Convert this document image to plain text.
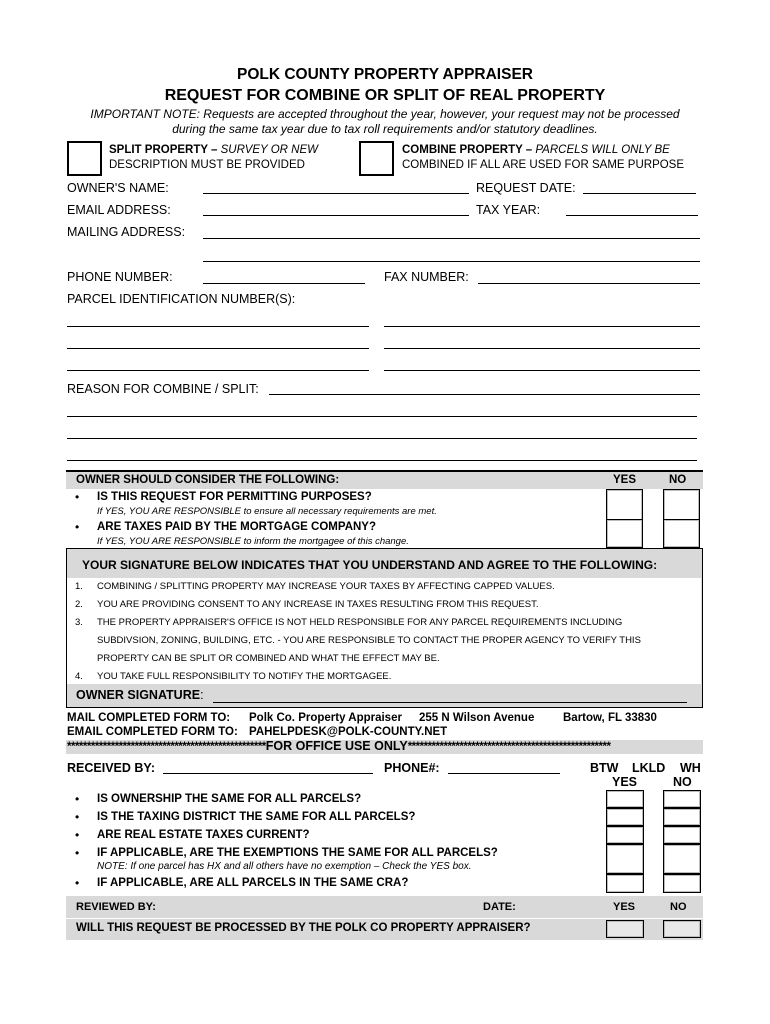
POLK COUNTY PROPERTY APPRAISER
REQUEST FOR COMBINE OR SPLIT OF REAL PROPERTY
IMPORTANT NOTE: Requests are accepted throughout the year, however, your request may not be processed
during the same tax year due to tax roll requirements and/or statutory deadlines.
SPLIT PROPERTY – SURVEY OR NEW
DESCRIPTION MUST BE PROVIDED
COMBINE PROPERTY – PARCELS WILL ONLY BE
COMBINED IF ALL ARE USED FOR SAME PURPOSE
OWNER'S NAME:	REQUEST DATE:
EMAIL ADDRESS:	TAX YEAR:
MAILING ADDRESS:
PHONE NUMBER:	FAX NUMBER:
PARCEL IDENTIFICATION NUMBER(S):
REASON FOR COMBINE / SPLIT:
OWNER SHOULD CONSIDER THE FOLLOWING:	YES	NO
• IS THIS REQUEST FOR PERMITTING PURPOSES?
If YES, YOU ARE RESPONSIBLE to ensure all necessary requirements are met.
• ARE TAXES PAID BY THE MORTGAGE COMPANY?
If YES, YOU ARE RESPONSIBLE to inform the mortgagee of this change.
YOUR SIGNATURE BELOW INDICATES THAT YOU UNDERSTAND AND AGREE TO THE FOLLOWING:
1. COMBINING / SPLITTING PROPERTY MAY INCREASE YOUR TAXES BY AFFECTING CAPPED VALUES.
2. YOU ARE PROVIDING CONSENT TO ANY INCREASE IN TAXES RESULTING FROM THIS REQUEST.
3. THE PROPERTY APPRAISER'S OFFICE IS NOT HELD RESPONSIBLE FOR ANY PARCEL REQUIREMENTS INCLUDING
SUBDIVSION, ZONING, BUILDING, ETC. - YOU ARE RESPONSIBLE TO CONTACT THE PROPER AGENCY TO VERIFY THIS
PROPERTY CAN BE SPLIT OR COMBINED AND WHAT THE EFFECT MAY BE.
4. YOU TAKE FULL RESPONSIBILITY TO NOTIFY THE MORTGAGEE.
OWNER SIGNATURE:
MAIL COMPLETED FORM TO: Polk Co. Property Appraiser 255 N Wilson Avenue Bartow, FL 33830
EMAIL COMPLETED FORM TO: PAHELPDESK@POLK-COUNTY.NET
**************************************************FOR OFFICE USE ONLY***************************************************
RECEIVED BY:	PHONE#:	BTW LKLD WH
YES	NO
• IS OWNERSHIP THE SAME FOR ALL PARCELS?
• IS THE TAXING DISTRICT THE SAME FOR ALL PARCELS?
• ARE REAL ESTATE TAXES CURRENT?
• IF APPLICABLE, ARE THE EXEMPTIONS THE SAME FOR ALL PARCELS?
NOTE: If one parcel has HX and all others have no exemption – Check the YES box.
• IF APPLICABLE, ARE ALL PARCELS IN THE SAME CRA?
REVIEWED BY:	DATE:	YES	NO
WILL THIS REQUEST BE PROCESSED BY THE POLK CO PROPERTY APPRAISER?
